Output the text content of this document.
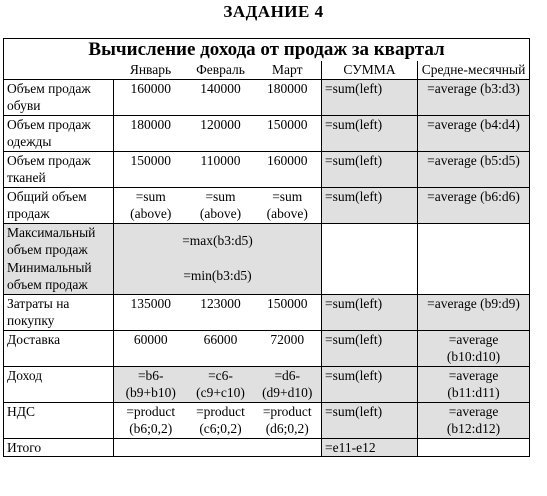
ЗАДАНИЕ 4
Вычисление дохода от продаж за квартал					
	Январь	Февраль	Март	СУММА	Средне-месячный
Объем продаж обуви	160000	140000	180000	=sum(left)	=average (b3:d3)
Объем продаж одежды	180000	120000	150000	=sum(left)	=average (b4:d4)
Объем продаж тканей	150000	110000	160000	=sum(left)	=average (b5:d5)
Общий объем продаж	=sum (above)	=sum (above)	=sum (above)	=sum(left)	=average (b6:d6)
Максимальный объем продаж	=max(b3:d5)				
Минимальный объем продаж	=min(b3:d5)				
Затраты на покупку	135000	123000	150000	=sum(left)	=average (b9:d9)
Доставка	60000	66000	72000	=sum(left)	=average (b10:d10)
Доход	=b6-(b9+b10)	=c6-(c9+c10)	=d6-(d9+d10)	=sum(left)	=average (b11:d11)
НДС	=product (b6;0,2)	=product (c6;0,2)	=product (d6;0,2)	=sum(left)	=average (b12:d12)
Итого				=e11-e12	
